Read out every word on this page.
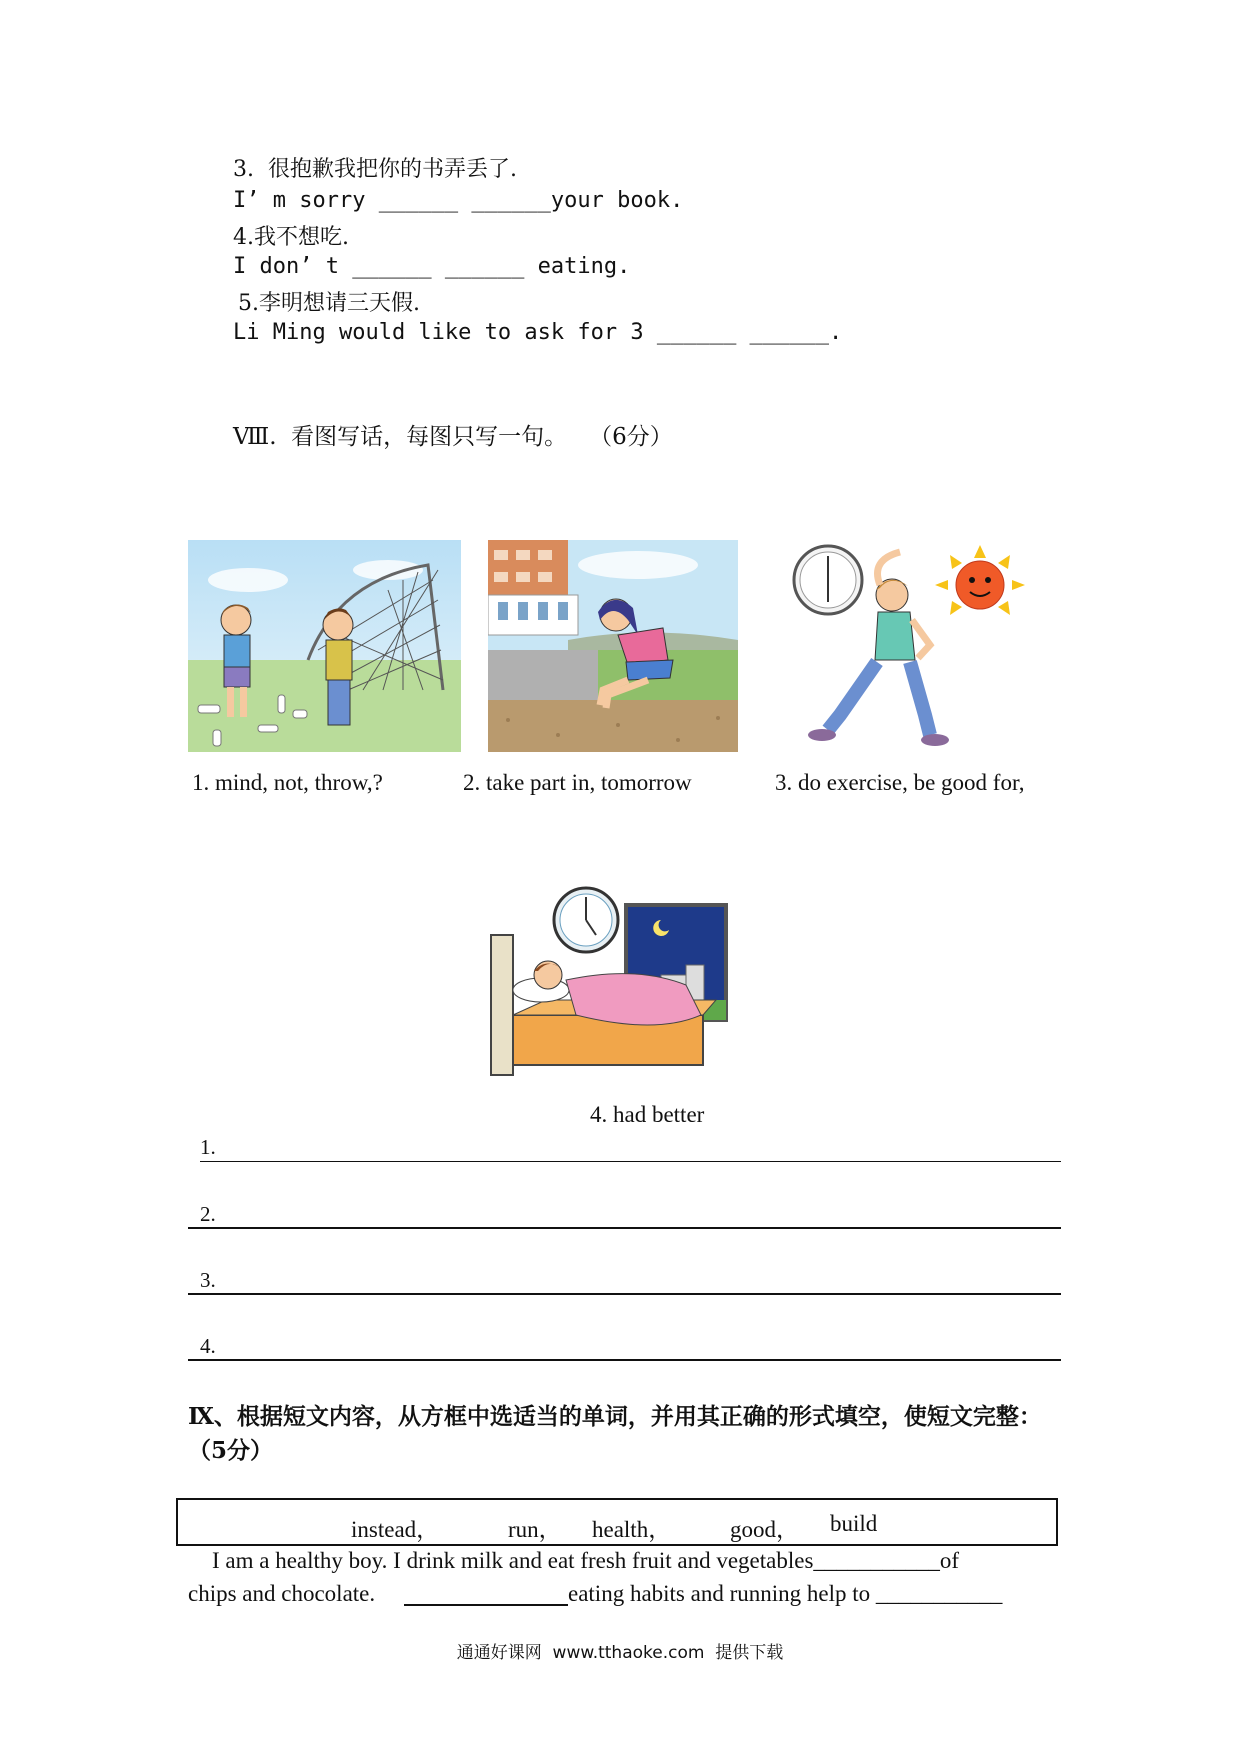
3.  很抱歉我把你的书弄丢了.
I’ m sorry ______ ______your book.
4.我不想吃.
I don’ t ______ ______ eating.
5.李明想请三天假.
Li Ming would like to ask for 3 ______ ______.
Ⅷ.  看图写话，每图只写一句。   （6分）
1. mind, not, throw,?	2. take part in, tomorrow	3. do exercise, be good for,
4. had better
1.
2.
3.
4.
Ⅸ、根据短文内容，从方框中选适当的单词，并用其正确的形式填空，使短文完整：（5分）
instead，	run， health，	good， build
I am a healthy boy. I drink milk and eat fresh fruit and vegetables___________of
chips and chocolate.	eating habits and running help to ___________
通通好课网  www.tthaoke.com  提供下载
